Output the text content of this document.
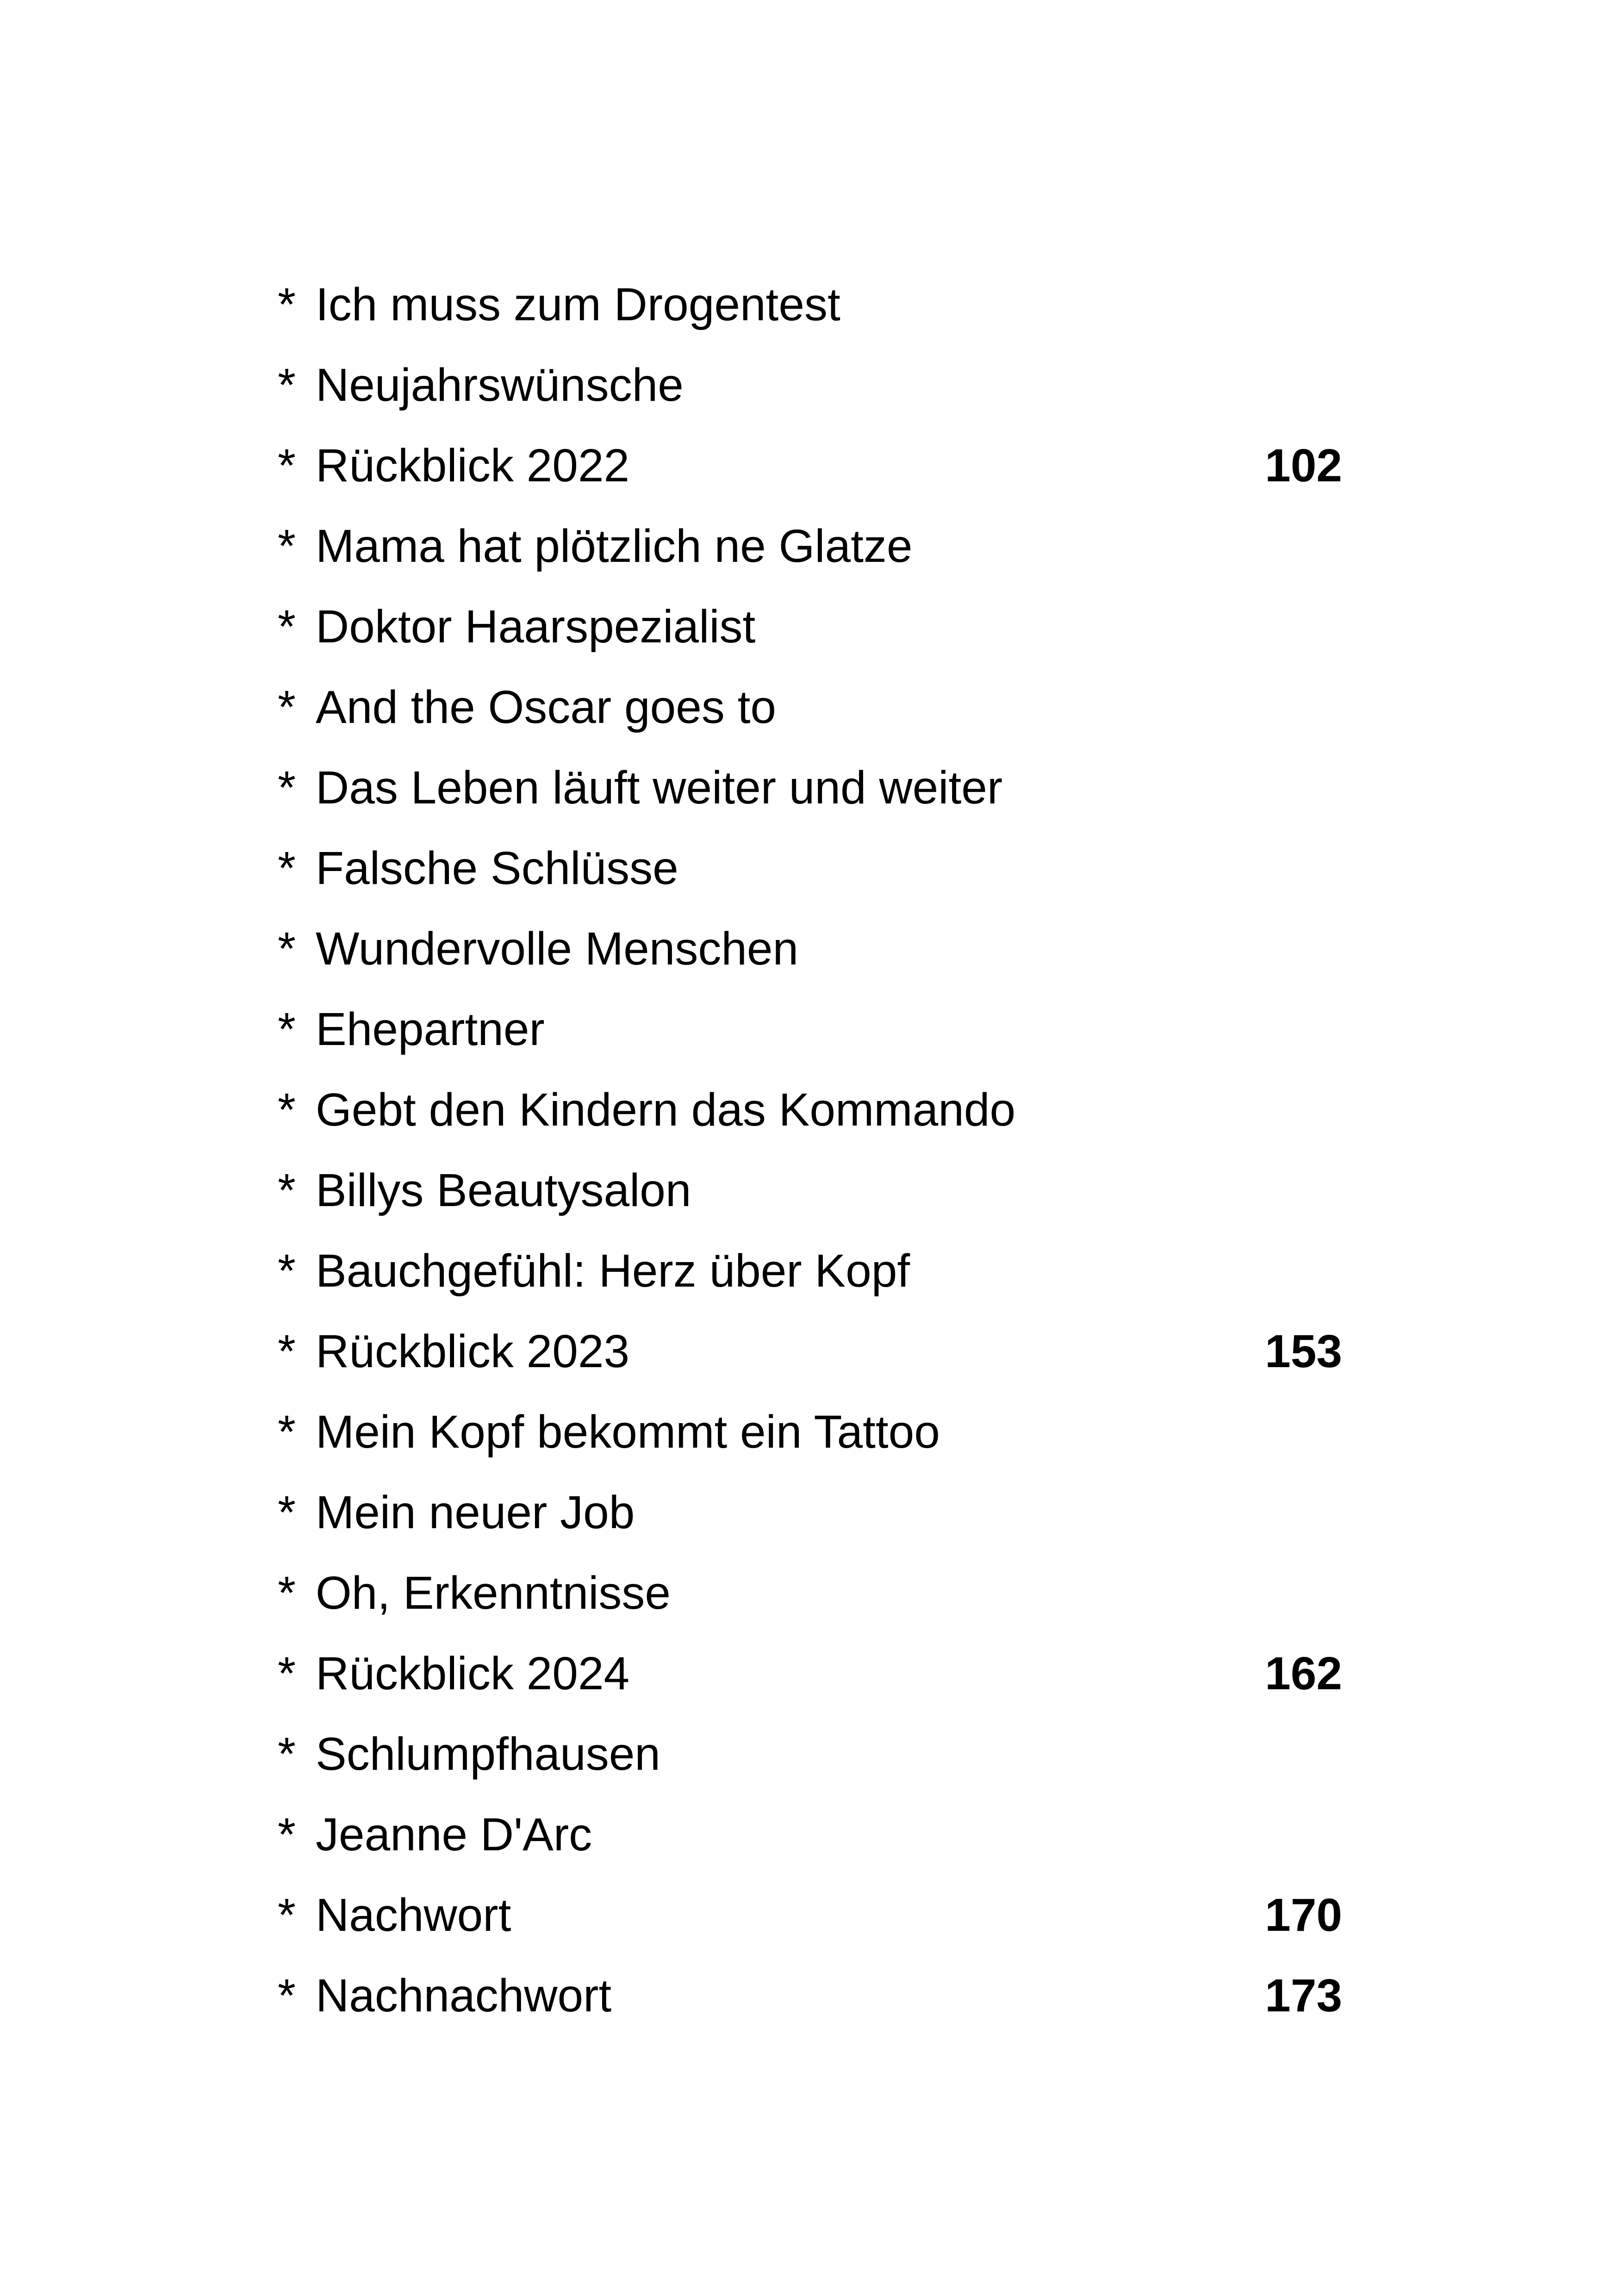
* Ich muss zum Drogentest
* Neujahrswünsche
* Rückblick 2022	102
* Mama hat plötzlich ne Glatze
* Doktor Haarspezialist
* And the Oscar goes to
* Das Leben läuft weiter und weiter
* Falsche Schlüsse
* Wundervolle Menschen
* Ehepartner
* Gebt den Kindern das Kommando
* Billys Beautysalon
* Bauchgefühl: Herz über Kopf
* Rückblick 2023	153
* Mein Kopf bekommt ein Tattoo
* Mein neuer Job
* Oh, Erkenntnisse
* Rückblick 2024	162
* Schlumpfhausen
* Jeanne D'Arc
* Nachwort	170
* Nachnachwort	173
